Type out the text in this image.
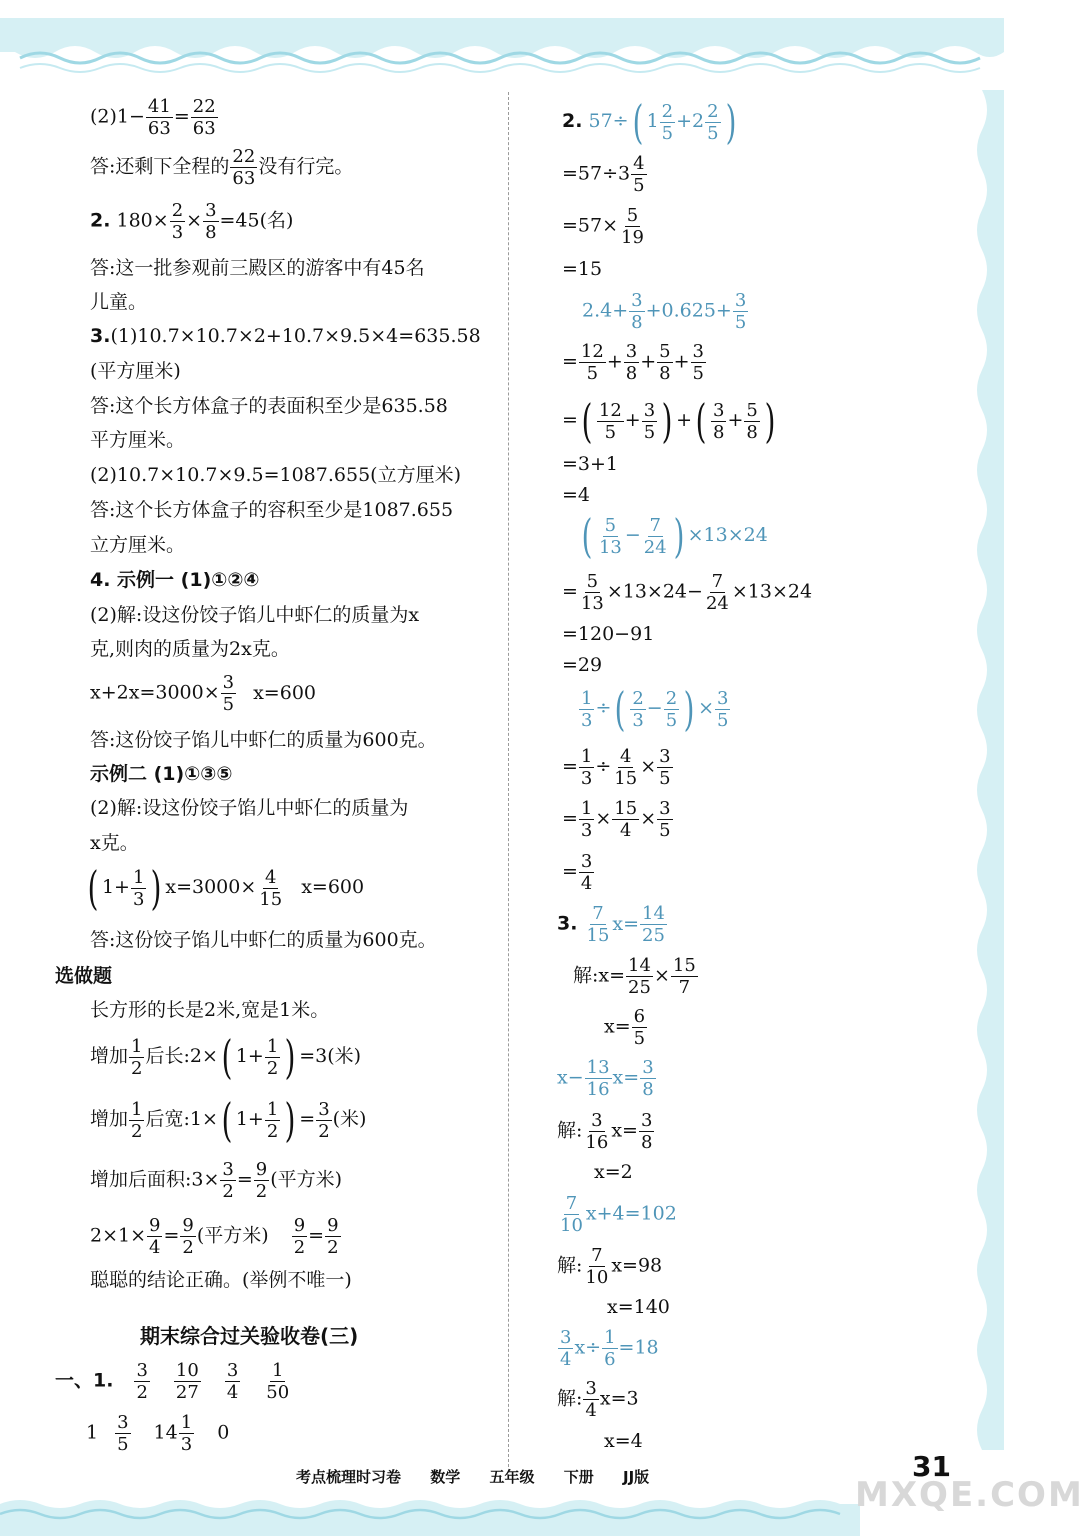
$(2)1- \frac{41}{63} = \frac{22}{63}$
答:还剩下全程的 $\frac{22}{63}$ 没有行完。
2. $180\times \frac{2}{3} \times \frac{3}{8} =45$(名)
答:这一批参观前三殿区的游客中有45名
儿童。
3.(1)10.7×10.7×2+10.7×9.5×4=635.58
(平方厘米)
答:这个长方体盒子的表面积至少是635.58
平方厘米。
(2)10.7×10.7×9.5=1087.655(立方厘米)
答:这个长方体盒子的容积至少是1087.655
立方厘米。
4. 示例一 (1)①②④
(2)解:设这份饺子馅儿中虾仁的质量为x
克,则肉的质量为2x克。
$x+2x=3000\times \frac{3}{5} x=600$
答:这份饺子馅儿中虾仁的质量为600克。
示例二 (1)①③⑤
(2)解:设这份饺子馅儿中虾仁的质量为
x克。
( $1+ \frac{1}{3}$ ) $x=3000\times \frac{4}{15} x=600$
答:这份饺子馅儿中虾仁的质量为600克。
选做题
长方形的长是2米,宽是1米。
增加 $\frac{1}{2}$ 后长:2×( $1+ \frac{1}{2}$ ) =3(米)
增加 $\frac{1}{2}$ 后宽:1×( $1+ \frac{1}{2}$ ) = $\frac{3}{2}$ (米)
增加后面积:3× $\frac{3}{2} = \frac{9}{2}$ (平方米)
$2\times 1\times \frac{9}{4} = \frac{9}{2}$ (平方米) $\frac{9}{2} = \frac{9}{2}$
聪聪的结论正确。(举例不唯一)
期末综合过关验收卷(三)
一、1. $\frac{3}{2} \frac{10}{27} \frac{3}{4} \frac{1}{50}$
$1 \frac{3}{5} 14 \frac{1}{3} 0$
2. 57÷( $1 \frac{2}{5} +2 \frac{2}{5}$ )
$=57\div 3 \frac{4}{5}$
$=57\times \frac{5}{19}$
=15
$2.4+ \frac{3}{8} +0.625+ \frac{3}{5}$
= $\frac{12}{5} + \frac{3}{8} + \frac{5}{8} + \frac{3}{5}$
=( $\frac{12}{5} + \frac{3}{5}$ ) +( $\frac{3}{8} + \frac{5}{8}$ )
=3+1
=4
( $\frac{5}{13} - \frac{7}{24}$ ) ×13×24
= $\frac{5}{13} \times 13\times 24- \frac{7}{24} \times 13\times 24$
=120−91
=29
$\frac{1}{3}$ ÷( $\frac{2}{3} - \frac{2}{5}$ ) × $\frac{3}{5}$
= $\frac{1}{3} \div \frac{4}{15} \times \frac{3}{5}$
= $\frac{1}{3} \times \frac{15}{4} \times \frac{3}{5}$
= $\frac{3}{4}$
3. $\frac{7}{15} x= \frac{14}{25}$
解:x= $\frac{14}{25} \times \frac{15}{7}$
$x= \frac{6}{5}$
$x- \frac{13}{16} x= \frac{3}{8}$
解: $\frac{3}{16} x= \frac{3}{8}$
x=2
$\frac{7}{10} x+4=102$
解: $\frac{7}{10} x=98$
x=140
$\frac{3}{4} x\div \frac{1}{6} =18$
解: $\frac{3}{4} x=3$
x=4
考点梳理时习卷 数学 五年级 下册 JJ版	31
MXQE.COM
